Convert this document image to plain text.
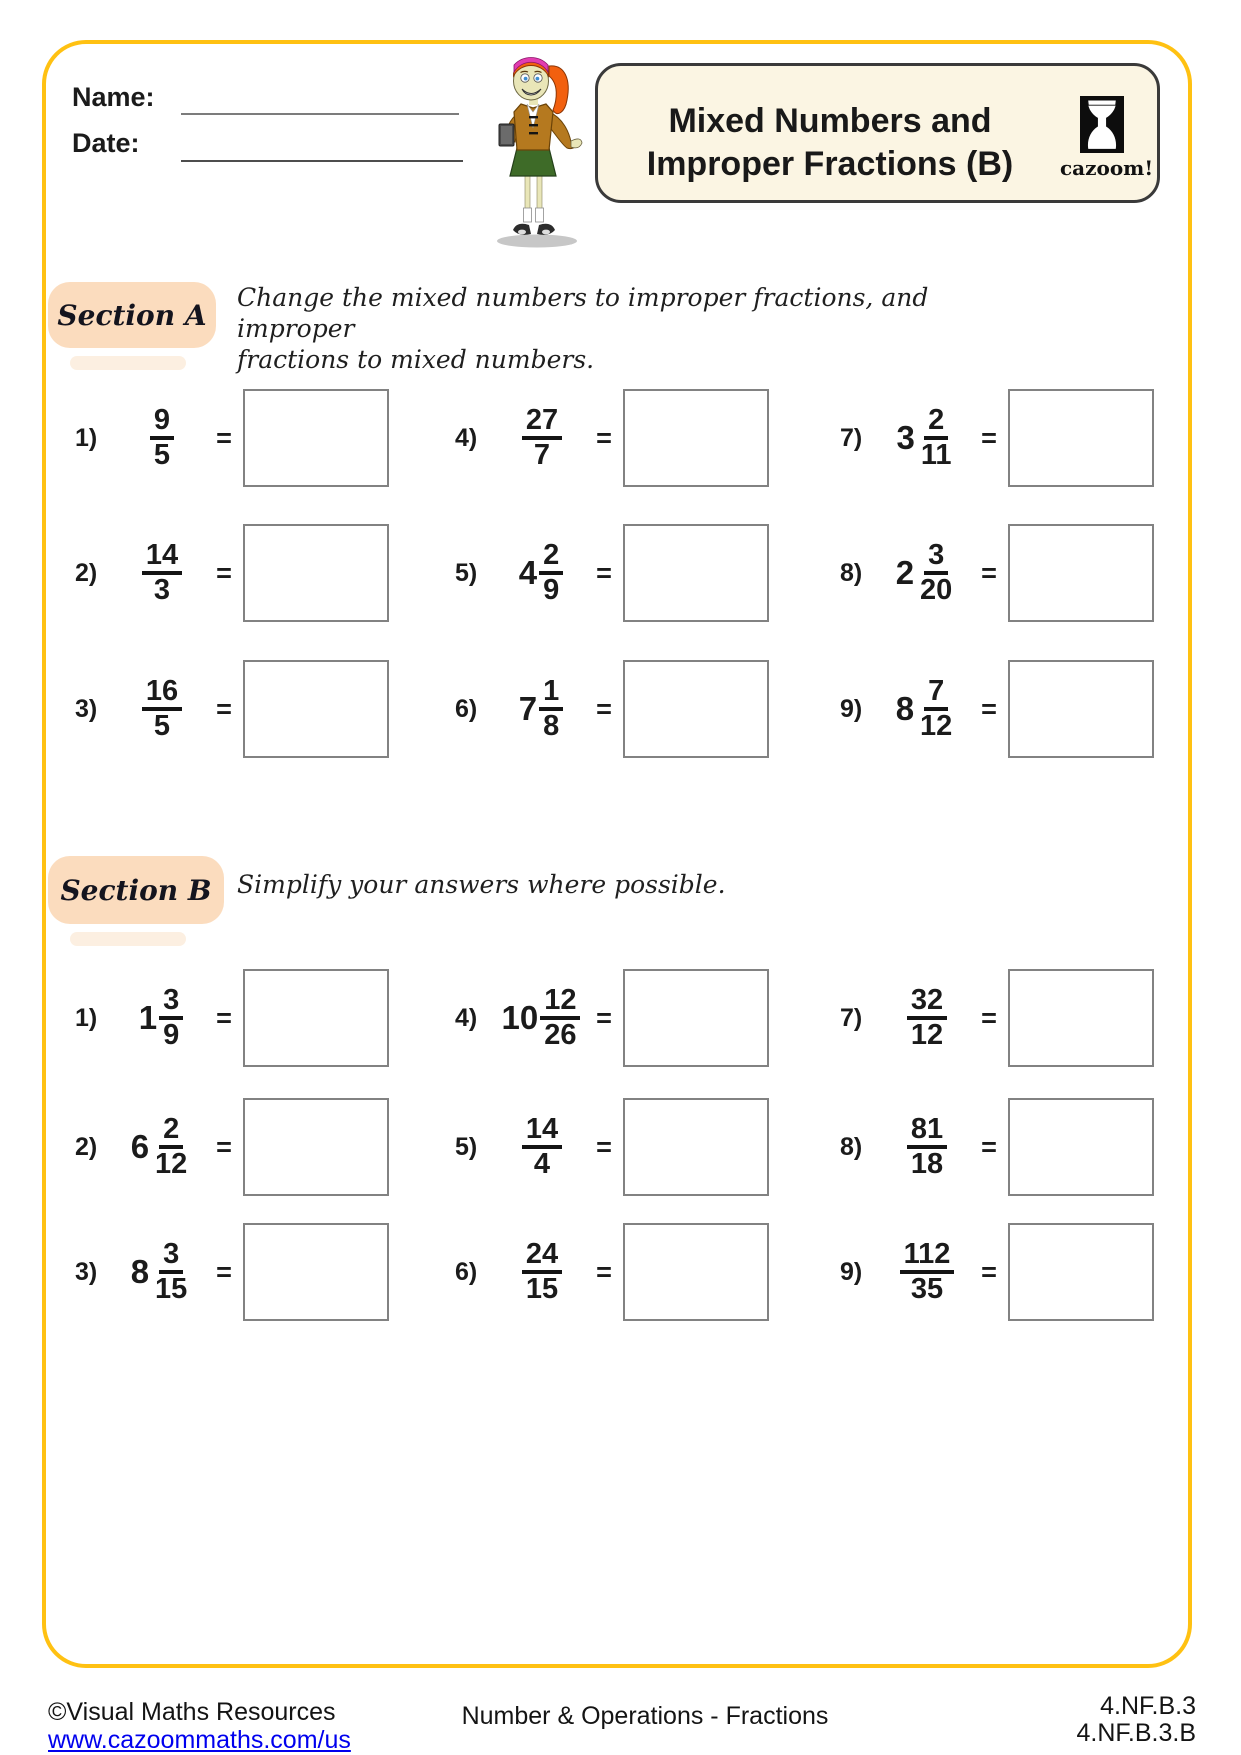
Name:
Date:
Mixed Numbers and
Improper Fractions (B)	cazoom!
Section A
Change the mixed numbers to improper fractions, and improper
fractions to mixed numbers.
1)	$\frac{9}{5}$	=	4)	$\frac{27}{7}$	=	7)	$3 \frac{2}{11}$ =
2)	$\frac{14}{3}$	=	5)	$4 \frac{2}{9}$	=	8)	$2 \frac{3}{20}$ =
3)	$\frac{16}{5}$	=	6)	$7 \frac{1}{8}$	=	9)	$8 \frac{7}{12}$ =
Section B	Simplify your answers where possible.
1)	$1 \frac{3}{9}$	=	4) $10 \frac{12}{26}$ =	7)	$\frac{32}{12}$	=
2)	$6 \frac{2}{12}$ =	5)	$\frac{14}{4}$	=	8)	$\frac{81}{18}$	=
3)	$8 \frac{3}{15}$ =	6)	$\frac{24}{15}$	=	9)	$\frac{112}{35}$ =
©Visual Maths Resources
www.cazoommaths.com/us
Number & Operations - Fractions	4.NF.B.3
4.NF.B.3.B
